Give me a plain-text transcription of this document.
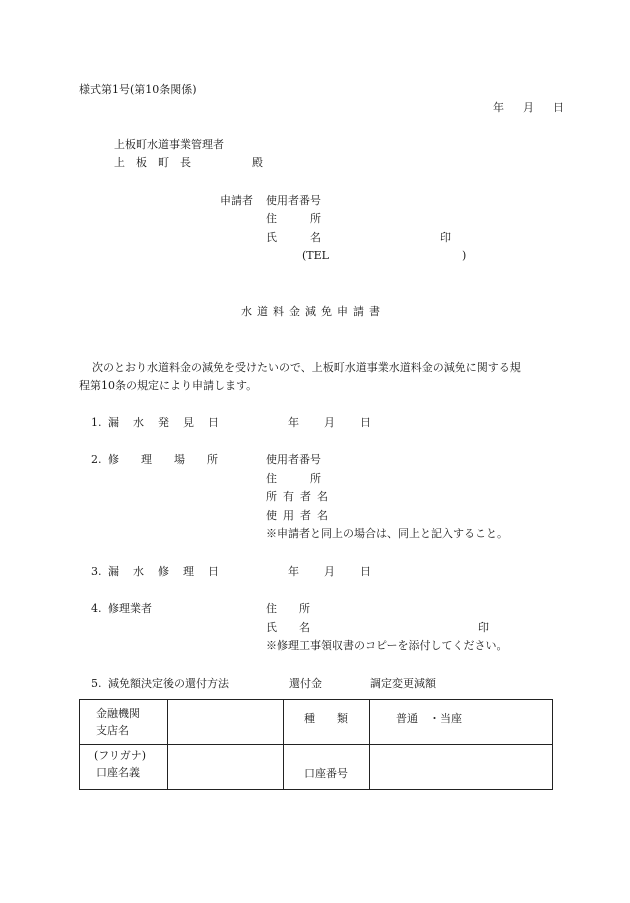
様式第1号(第10条関係)
年　月　日
上板町水道事業管理者
上　板　町　長	殿
申請者 使用者番号
住　　　所
氏　　　名	印
(TEL	)
水道料金減免申請書
次のとおり水道料金の減免を受けたいので、上板町水道事業水道料金の減免に関する規
程第10条の規定により申請します。
1. 漏水発見日	年 月 日
2. 修理場所 使用者番号
住　　　所
所有者名
使用者名
※申請者と同上の場合は、同上と記入すること。
3. 漏水修理日	年 月 日
4. 修理業者	住　　所
氏　　名	印
※修理工事領収書のコピーを添付してください。
5. 減免額決定後の還付方法	還付金	調定変更減額
金融機関
支店名		種　　類	普通　・当座

(フリガナ)
口座名義		口座番号	
